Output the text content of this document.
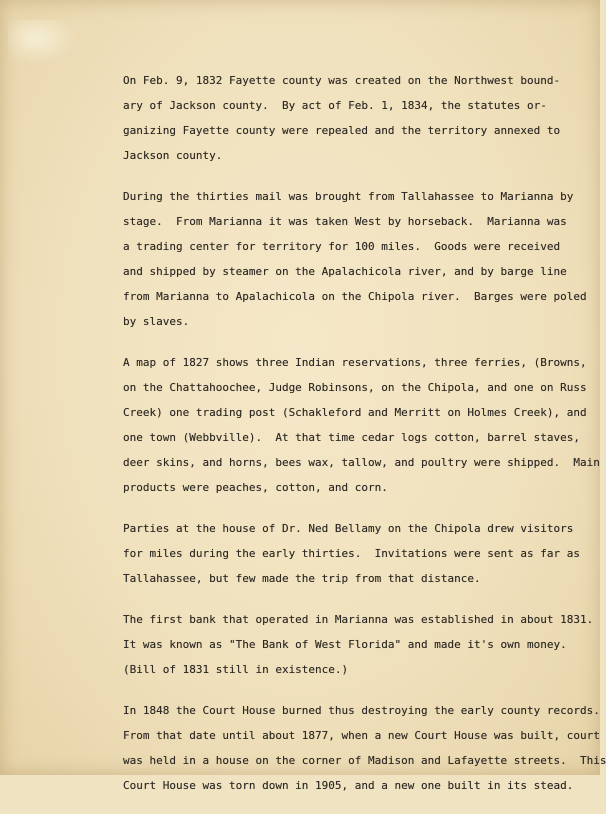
On Feb. 9, 1832 Fayette county was created on the Northwest bound-
ary of Jackson county.  By act of Feb. 1, 1834, the statutes or-
ganizing Fayette county were repealed and the territory annexed to
Jackson county.
During the thirties mail was brought from Tallahassee to Marianna by
stage.  From Marianna it was taken West by horseback.  Marianna was
a trading center for territory for 100 miles.  Goods were received
and shipped by steamer on the Apalachicola river, and by barge line
from Marianna to Apalachicola on the Chipola river.  Barges were poled
by slaves.
A map of 1827 shows three Indian reservations, three ferries, (Browns,
on the Chattahoochee, Judge Robinsons, on the Chipola, and one on Russ
Creek) one trading post (Schakleford and Merritt on Holmes Creek), and
one town (Webbville).  At that time cedar logs cotton, barrel staves,
deer skins, and horns, bees wax, tallow, and poultry were shipped.  Main
products were peaches, cotton, and corn.
Parties at the house of Dr. Ned Bellamy on the Chipola drew visitors
for miles during the early thirties.  Invitations were sent as far as
Tallahassee, but few made the trip from that distance.
The first bank that operated in Marianna was established in about 1831.
It was known as "The Bank of West Florida" and made it's own money.
(Bill of 1831 still in existence.)
In 1848 the Court House burned thus destroying the early county records.
From that date until about 1877, when a new Court House was built, court
was held in a house on the corner of Madison and Lafayette streets.  This
Court House was torn down in 1905, and a new one built in its stead.
